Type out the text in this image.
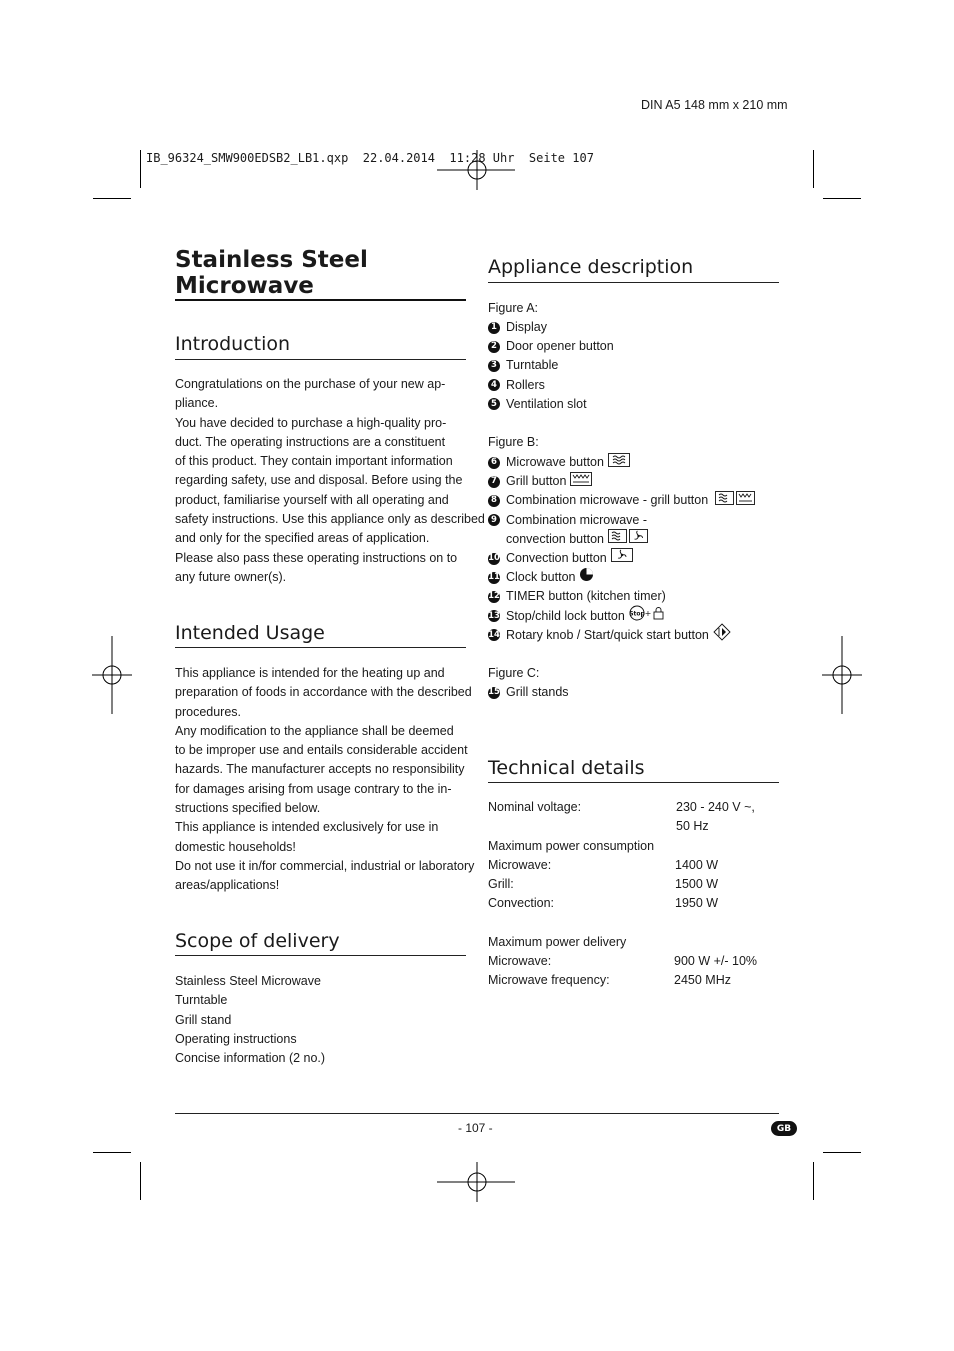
DIN A5 148 mm x 210 mm
IB_96324_SMW900EDSB2_LB1.qxp  22.04.2014  11:28 Uhr  Seite 107
Stainless Steel
Microwave
Introduction
Congratulations on the purchase of your new ap-
pliance.
You have decided to purchase a high-quality pro-
duct. The operating instructions are a constituent
of this product. They contain important information
regarding safety, use and disposal. Before using the
product, familiarise yourself with all operating and
safety instructions. Use this appliance only as described
and only for the specified areas of application.
Please also pass these operating instructions on to
any future owner(s).
Intended Usage
This appliance is intended for the heating up and
preparation of foods in accordance with the described
procedures.
Any modification to the appliance shall be deemed
to be improper use and entails considerable accident
hazards. The manufacturer accepts no responsibility
for damages arising from usage contrary to the in-
structions specified below.
This appliance is intended exclusively for use in
domestic households!
Do not use it in/for commercial, industrial or laboratory
areas/applications!
Scope of delivery
Stainless Steel Microwave
Turntable
Grill stand
Operating instructions
Concise information (2 no.)
Appliance description
Figure A:
1 Display
2 Door opener button
3 Turntable
4 Rollers
5 Ventilation slot
Figure B:
6 Microwave button
7 Grill button
8 Combination microwave - grill button
9 Combination microwave -
convection button
10 Convection button
11 Clock button
12 TIMER button (kitchen timer)
13 Stop/child lock button Stop +
14 Rotary knob / Start/quick start button
Figure C:
15 Grill stands
Technical details
Nominal voltage:	230 - 240 V ~,
50 Hz
Maximum power consumption
Microwave:	1400 W
Grill:	1500 W
Convection:	1950 W
Maximum power delivery
Microwave:	900 W +/- 10%
Microwave frequency:	2450 MHz
- 107 -	GB
